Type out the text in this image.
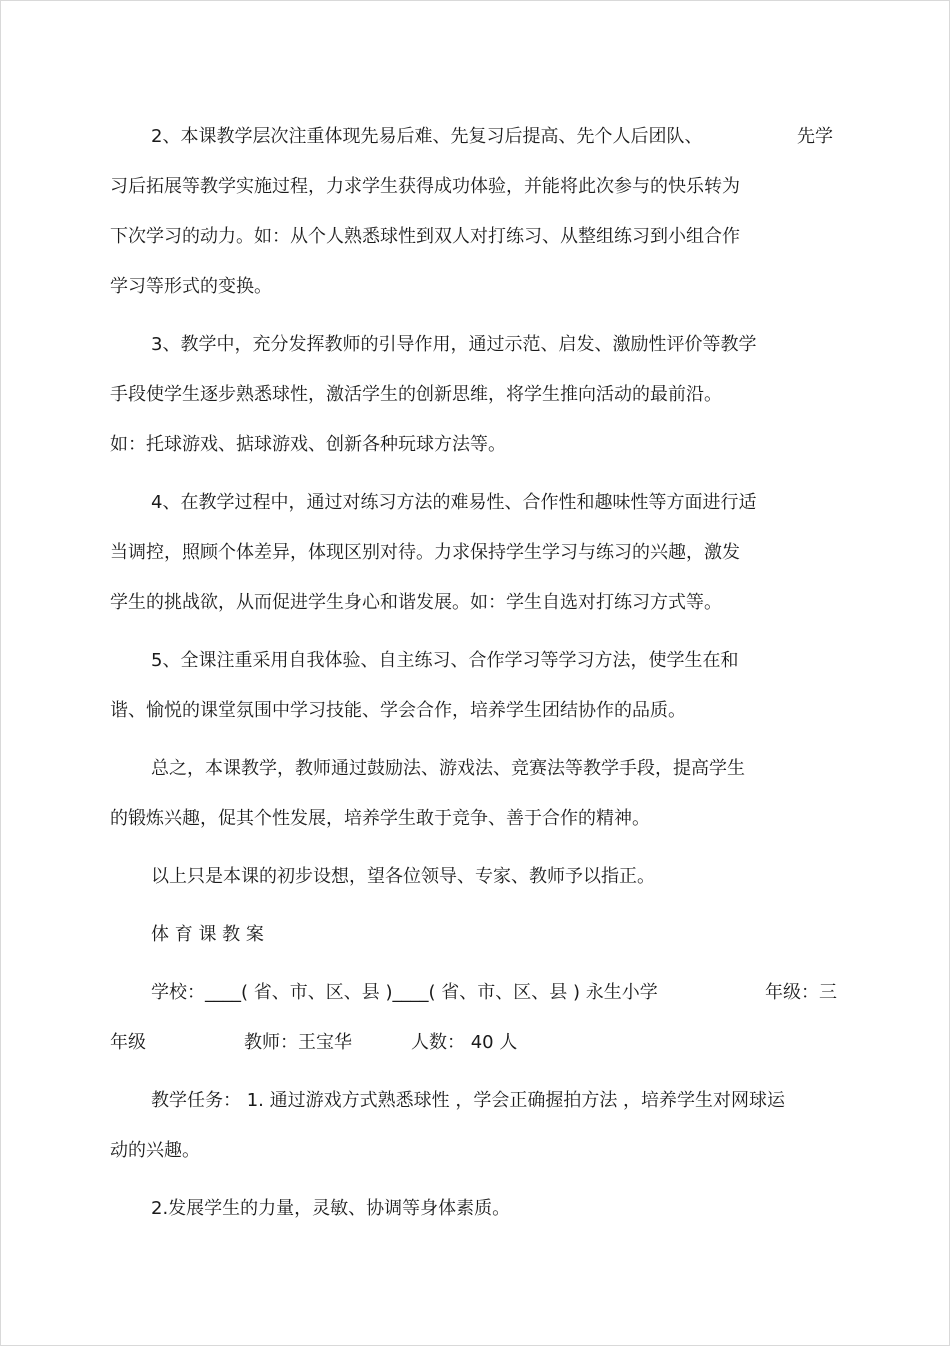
2、本课教学层次注重体现先易后难、先复习后提高、先个人后团队、	先学
习后拓展等教学实施过程，力求学生获得成功体验，并能将此次参与的快乐转为
下次学习的动力。如：从个人熟悉球性到双人对打练习、从整组练习到小组合作
学习等形式的变换。
3、教学中，充分发挥教师的引导作用，通过示范、启发、激励性评价等教学
手段使学生逐步熟悉球性，激活学生的创新思维，将学生推向活动的最前沿。
如：托球游戏、掂球游戏、创新各种玩球方法等。
4、在教学过程中，通过对练习方法的难易性、合作性和趣味性等方面进行适
当调控，照顾个体差异，体现区别对待。力求保持学生学习与练习的兴趣，激发
学生的挑战欲，从而促进学生身心和谐发展。如：学生自选对打练习方式等。
5、全课注重采用自我体验、自主练习、合作学习等学习方法，使学生在和
谐、愉悦的课堂氛围中学习技能、学会合作，培养学生团结协作的品质。
总之，本课教学，教师通过鼓励法、游戏法、竞赛法等教学手段，提高学生
的锻炼兴趣，促其个性发展，培养学生敢于竞争、善于合作的精神。
以上只是本课的初步设想，望各位领导、专家、教师予以指正。
体 育 课 教 案
学校：____( 省、市、区、县 )____( 省、市、区、县 ) 永生小学	年级：三
年级	教师：王宝华	人数： 40 人
教学任务： 1. 通过游戏方式熟悉球性 ，学会正确握拍方法 ，培养学生对网球运
动的兴趣。
2.发展学生的力量，灵敏、协调等身体素质。
